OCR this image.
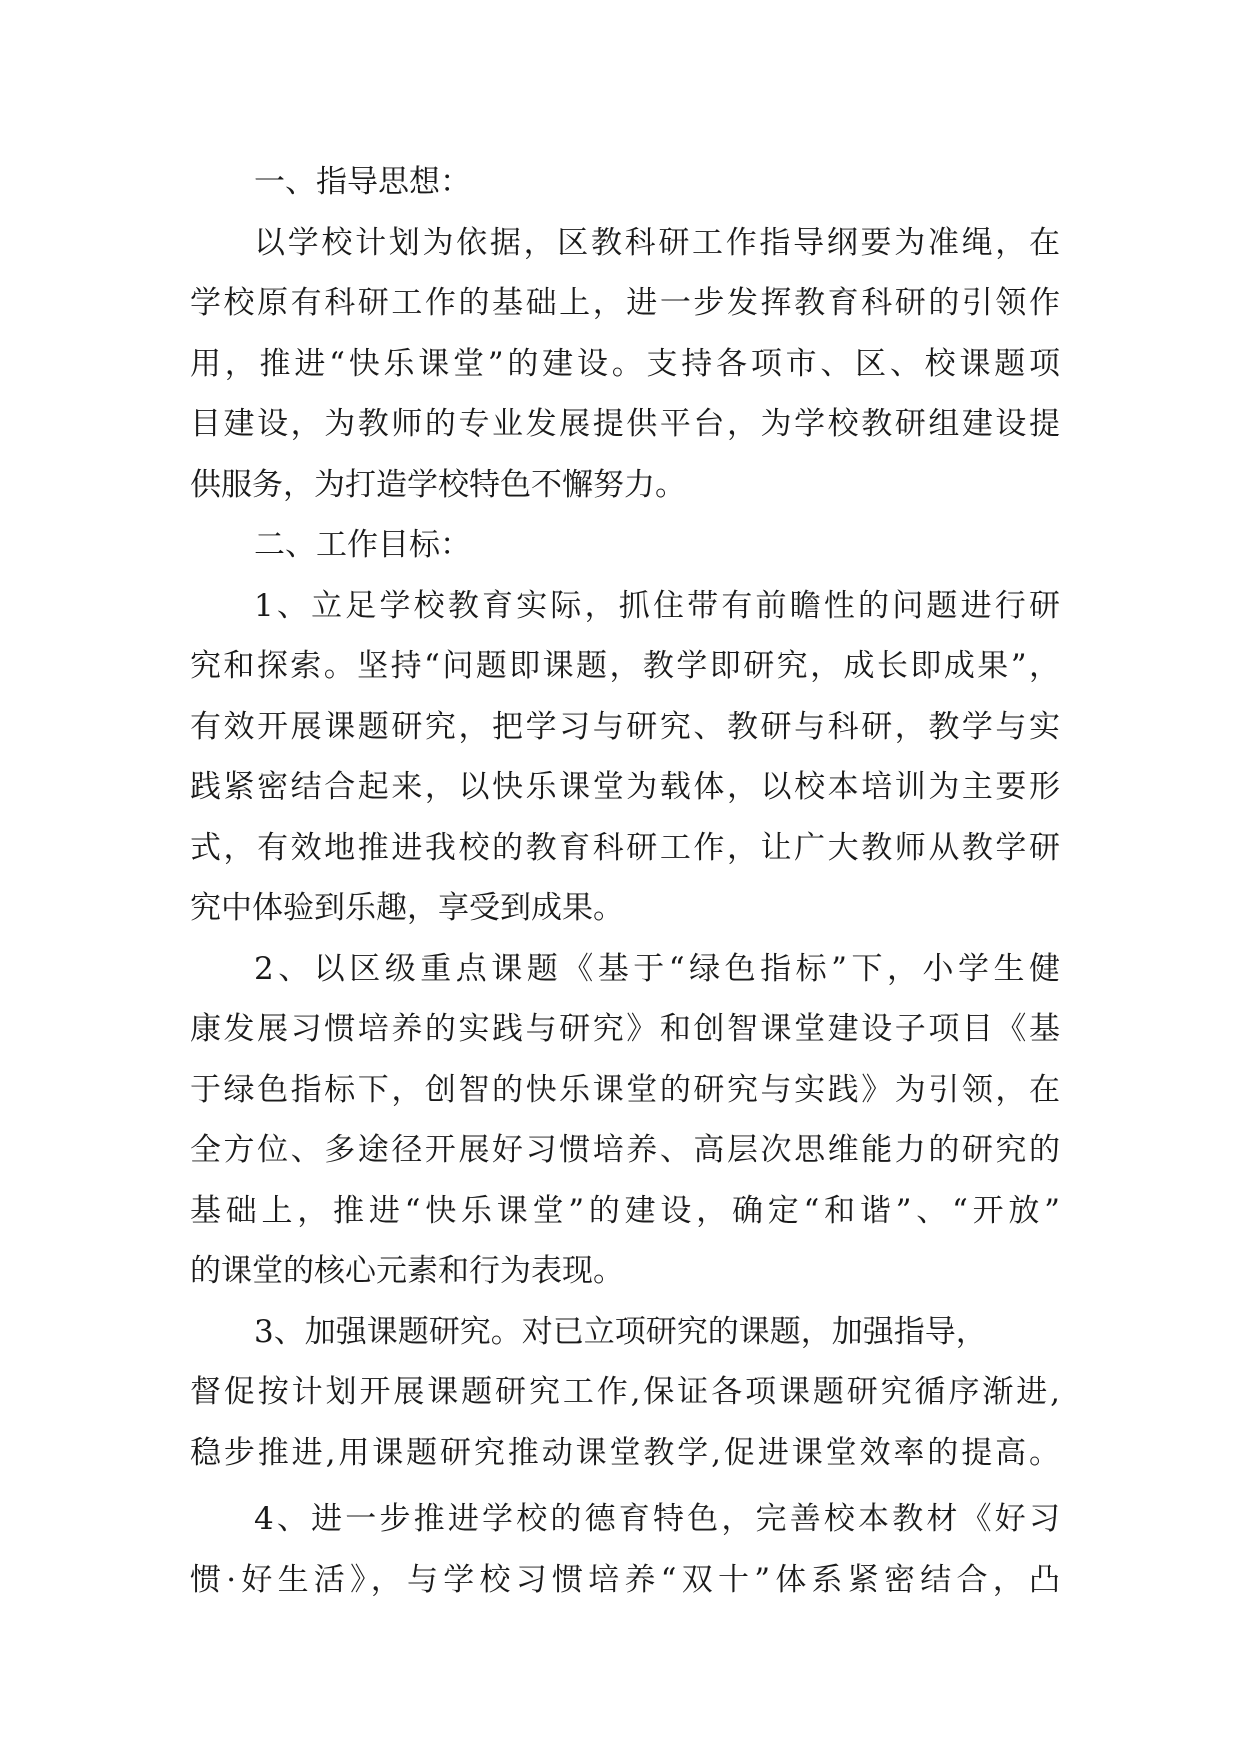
一、指导思想：
以学校计划为依据，区教科研工作指导纲要为准绳，在
学校原有科研工作的基础上，进一步发挥教育科研的引领作
用，推进“快乐课堂”的建设。支持各项市、区、校课题项
目建设，为教师的专业发展提供平台，为学校教研组建设提
供服务，为打造学校特色不懈努力。
二、工作目标：
1、立足学校教育实际，抓住带有前瞻性的问题进行研
究和探索。坚持“问题即课题，教学即研究，成长即成果”，
有效开展课题研究，把学习与研究、教研与科研，教学与实
践紧密结合起来，以快乐课堂为载体，以校本培训为主要形
式，有效地推进我校的教育科研工作，让广大教师从教学研
究中体验到乐趣，享受到成果。
2、以区级重点课题《基于“绿色指标”下，小学生健
康发展习惯培养的实践与研究》和创智课堂建设子项目《基
于绿色指标下，创智的快乐课堂的研究与实践》为引领，在
全方位、多途径开展好习惯培养、高层次思维能力的研究的
基础上，推进“快乐课堂”的建设，确定“和谐”、“开放”
的课堂的核心元素和行为表现。
3、加强课题研究。对已立项研究的课题，加强指导，
督促按计划开展课题研究工作,保证各项课题研究循序渐进,
稳步推进,用课题研究推动课堂教学,促进课堂效率的提高。
4、进一步推进学校的德育特色，完善校本教材《好习
惯·好生活》，与学校习惯培养“双十”体系紧密结合，凸
